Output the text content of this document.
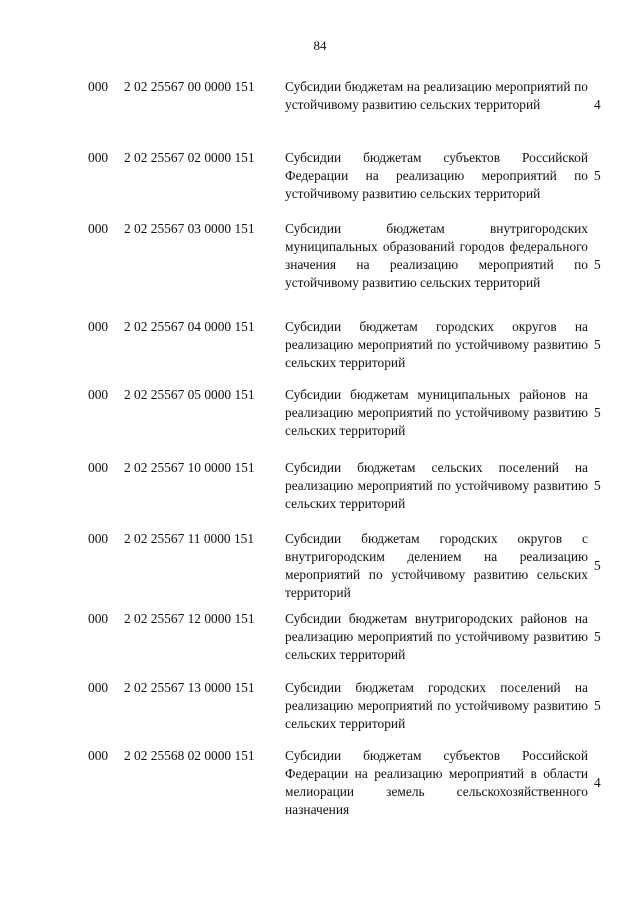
84
000 2 02 25567 00 0000 151 Субсидии бюджетам на реализацию мероприятий по устойчивому развитию сельских территорий	4
000 2 02 25567 02 0000 151 Субсидии бюджетам субъектов Российской Федерации на реализацию мероприятий по устойчивому развитию сельских территорий
5
000 2 02 25567 03 0000 151 Субсидии бюджетам внутригородских муниципальных образований городов федерального значения на реализацию мероприятий по устойчивому развитию сельских территорий
5
000 2 02 25567 04 0000 151 Субсидии бюджетам городских округов на реализацию мероприятий по устойчивому развитию сельских территорий
5
000 2 02 25567 05 0000 151 Субсидии бюджетам муниципальных районов на реализацию мероприятий по устойчивому развитию сельских территорий
5
000 2 02 25567 10 0000 151 Субсидии бюджетам сельских поселений на реализацию мероприятий по устойчивому развитию сельских территорий
5
000 2 02 25567 11 0000 151 Субсидии бюджетам городских округов с внутригородским делением на реализацию мероприятий по устойчивому развитию сельских территорий
5
000 2 02 25567 12 0000 151 Субсидии бюджетам внутригородских районов на реализацию мероприятий по устойчивому развитию сельских территорий
5
000 2 02 25567 13 0000 151 Субсидии бюджетам городских поселений на реализацию мероприятий по устойчивому развитию сельских территорий
5
000 2 02 25568 02 0000 151 Субсидии бюджетам субъектов Российской Федерации на реализацию мероприятий в области мелиорации земель сельскохозяйственного назначения
4
